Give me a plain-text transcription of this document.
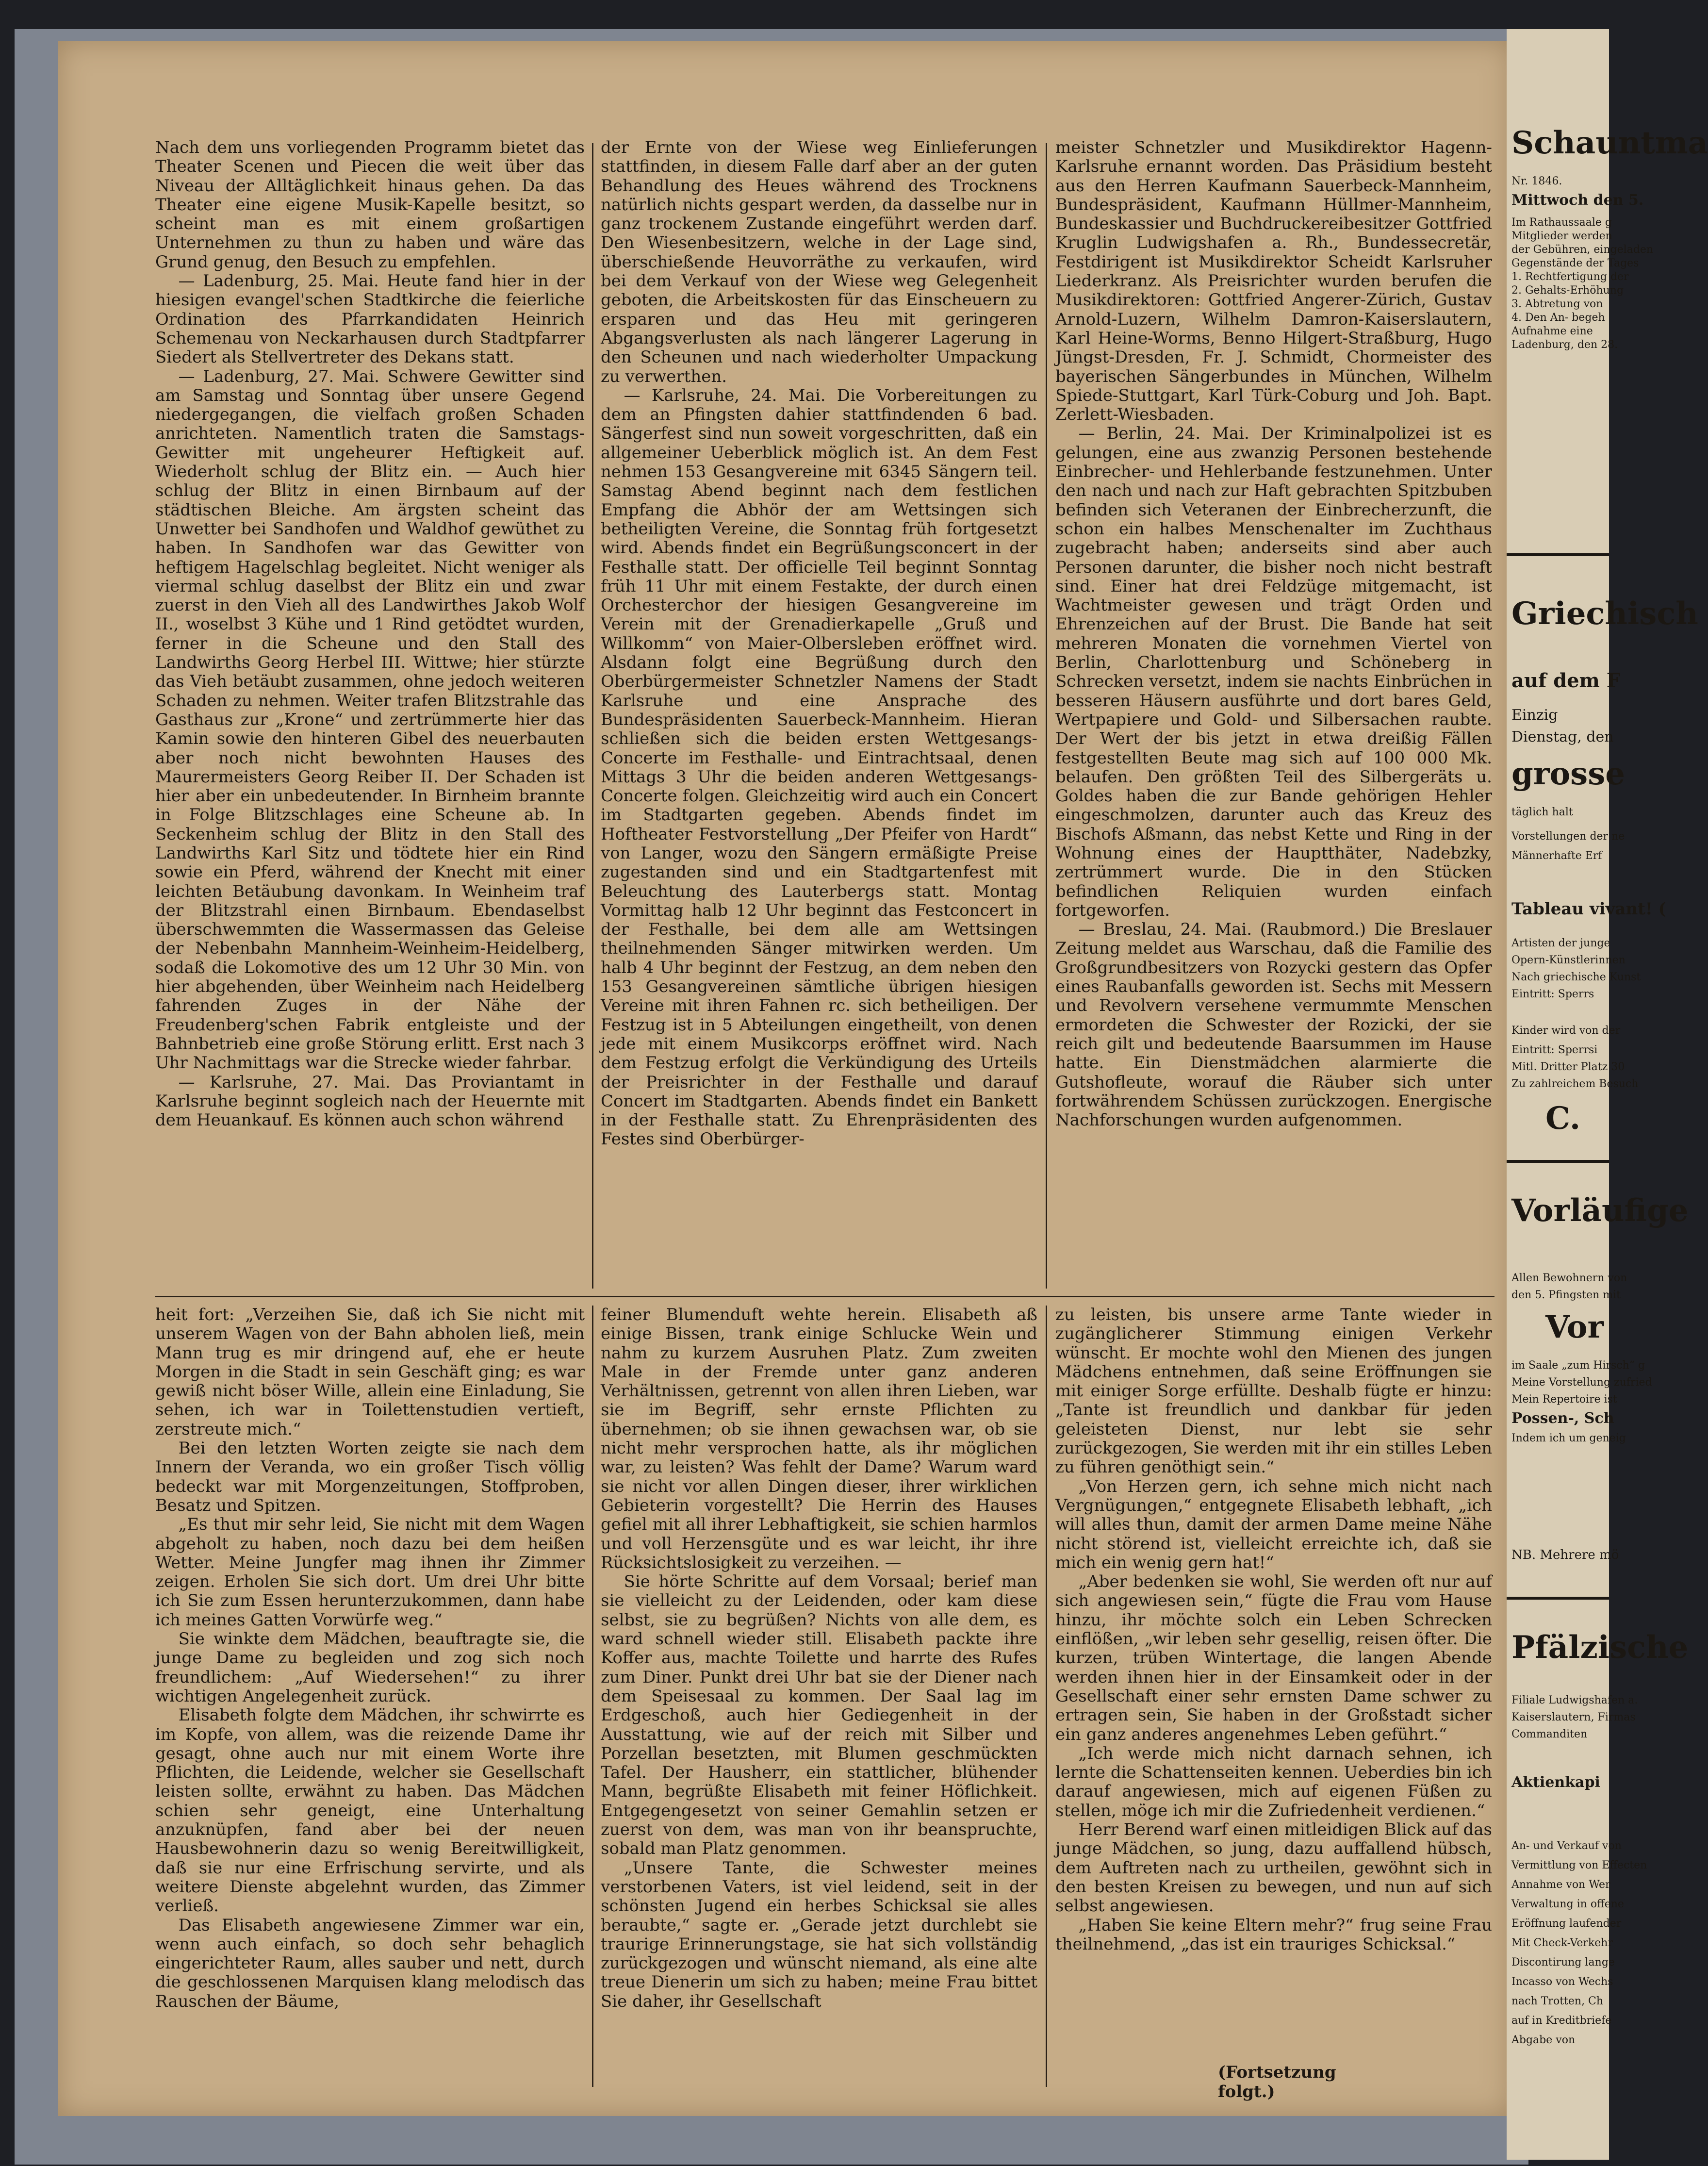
Nach dem uns vorliegenden Programm bietet das Theater Scenen und Piecen die weit über das Niveau der Alltäglichkeit hinaus gehen. Da das Theater eine eigene Musik-Kapelle besitzt, so scheint man es mit einem großartigen Unternehmen zu thun zu haben und wäre das Grund genug, den Besuch zu empfehlen.

— Ladenburg, 25. Mai. Heute fand hier in der hiesigen evangel'schen Stadtkirche die feierliche Ordination des Pfarrkandidaten Heinrich Schemenau von Neckarhausen durch Stadtpfarrer Siedert als Stellvertreter des Dekans statt.

— Ladenburg, 27. Mai. Schwere Gewitter sind am Samstag und Sonntag über unsere Gegend niedergegangen, die vielfach großen Schaden anrichteten. Namentlich traten die Samstags-Gewitter mit ungeheurer Heftigkeit auf. Wiederholt schlug der Blitz ein. — Auch hier schlug der Blitz in einen Birnbaum auf der städtischen Bleiche. Am ärgsten scheint das Unwetter bei Sandhofen und Waldhof gewüthet zu haben. In Sandhofen war das Gewitter von heftigem Hagelschlag begleitet. Nicht weniger als viermal schlug daselbst der Blitz ein und zwar zuerst in den Vieh all des Landwirthes Jakob Wolf II., woselbst 3 Kühe und 1 Rind getödtet wurden, ferner in die Scheune und den Stall des Landwirths Georg Herbel III. Wittwe; hier stürzte das Vieh betäubt zusammen, ohne jedoch weiteren Schaden zu nehmen. Weiter trafen Blitzstrahle das Gasthaus zur „Krone“ und zertrümmerte hier das Kamin sowie den hinteren Gibel des neuerbauten aber noch nicht bewohnten Hauses des Maurermeisters Georg Reiber II. Der Schaden ist hier aber ein unbedeutender. In Birnheim brannte in Folge Blitzschlages eine Scheune ab. In Seckenheim schlug der Blitz in den Stall des Landwirths Karl Sitz und tödtete hier ein Rind sowie ein Pferd, während der Knecht mit einer leichten Betäubung davonkam. In Weinheim traf der Blitzstrahl einen Birnbaum. Ebendaselbst überschwemmten die Wassermassen das Geleise der Nebenbahn Mannheim-Weinheim-Heidelberg, sodaß die Lokomotive des um 12 Uhr 30 Min. von hier abgehenden, über Weinheim nach Heidelberg fahrenden Zuges in der Nähe der Freudenberg'schen Fabrik entgleiste und der Bahnbetrieb eine große Störung erlitt. Erst nach 3 Uhr Nachmittags war die Strecke wieder fahrbar.

— Karlsruhe, 27. Mai. Das Proviantamt in Karlsruhe beginnt sogleich nach der Heuernte mit dem Heuankauf. Es können auch schon während

der Ernte von der Wiese weg Einlieferungen stattfinden, in diesem Falle darf aber an der guten Behandlung des Heues während des Trocknens natürlich nichts gespart werden, da dasselbe nur in ganz trockenem Zustande eingeführt werden darf. Den Wiesenbesitzern, welche in der Lage sind, überschießende Heuvorräthe zu verkaufen, wird bei dem Verkauf von der Wiese weg Gelegenheit geboten, die Arbeitskosten für das Einscheuern zu ersparen und das Heu mit geringeren Abgangsverlusten als nach längerer Lagerung in den Scheunen und nach wiederholter Umpackung zu verwerthen.

— Karlsruhe, 24. Mai. Die Vorbereitungen zu dem an Pfingsten dahier stattfindenden 6 bad. Sängerfest sind nun soweit vorgeschritten, daß ein allgemeiner Ueberblick möglich ist. An dem Fest nehmen 153 Gesangvereine mit 6345 Sängern teil. Samstag Abend beginnt nach dem festlichen Empfang die Abhör der am Wettsingen sich betheiligten Vereine, die Sonntag früh fortgesetzt wird. Abends findet ein Begrüßungsconcert in der Festhalle statt. Der officielle Teil beginnt Sonntag früh 11 Uhr mit einem Festakte, der durch einen Orchesterchor der hiesigen Gesangvereine im Verein mit der Grenadierkapelle „Gruß und Willkomm“ von Maier-Olbersleben eröffnet wird. Alsdann folgt eine Begrüßung durch den Oberbürgermeister Schnetzler Namens der Stadt Karlsruhe und eine Ansprache des Bundespräsidenten Sauerbeck-Mannheim. Hieran schließen sich die beiden ersten Wettgesangs-Concerte im Festhalle- und Eintrachtsaal, denen Mittags 3 Uhr die beiden anderen Wettgesangs-Concerte folgen. Gleichzeitig wird auch ein Concert im Stadtgarten gegeben. Abends findet im Hoftheater Festvorstellung „Der Pfeifer von Hardt“ von Langer, wozu den Sängern ermäßigte Preise zugestanden sind und ein Stadtgartenfest mit Beleuchtung des Lauterbergs statt. Montag Vormittag halb 12 Uhr beginnt das Festconcert in der Festhalle, bei dem alle am Wettsingen theilnehmenden Sänger mitwirken werden. Um halb 4 Uhr beginnt der Festzug, an dem neben den 153 Gesangvereinen sämtliche übrigen hiesigen Vereine mit ihren Fahnen rc. sich betheiligen. Der Festzug ist in 5 Abteilungen eingetheilt, von denen jede mit einem Musikcorps eröffnet wird. Nach dem Festzug erfolgt die Verkündigung des Urteils der Preisrichter in der Festhalle und darauf Concert im Stadtgarten. Abends findet ein Bankett in der Festhalle statt. Zu Ehrenpräsidenten des Festes sind Oberbürger-

meister Schnetzler und Musikdirektor Hagenn-Karlsruhe ernannt worden. Das Präsidium besteht aus den Herren Kaufmann Sauerbeck-Mannheim, Bundespräsident, Kaufmann Hüllmer-Mannheim, Bundeskassier und Buchdruckereibesitzer Gottfried Kruglin Ludwigshafen a. Rh., Bundessecretär, Festdirigent ist Musikdirektor Scheidt Karlsruher Liederkranz. Als Preisrichter wurden berufen die Musikdirektoren: Gottfried Angerer-Zürich, Gustav Arnold-Luzern, Wilhelm Damron-Kaiserslautern, Karl Heine-Worms, Benno Hilgert-Straßburg, Hugo Jüngst-Dresden, Fr. J. Schmidt, Chormeister des bayerischen Sängerbundes in München, Wilhelm Spiede-Stuttgart, Karl Türk-Coburg und Joh. Bapt. Zerlett-Wiesbaden.

— Berlin, 24. Mai. Der Kriminalpolizei ist es gelungen, eine aus zwanzig Personen bestehende Einbrecher- und Hehlerbande festzunehmen. Unter den nach und nach zur Haft gebrachten Spitzbuben befinden sich Veteranen der Einbrecherzunft, die schon ein halbes Menschenalter im Zuchthaus zugebracht haben; anderseits sind aber auch Personen darunter, die bisher noch nicht bestraft sind. Einer hat drei Feldzüge mitgemacht, ist Wachtmeister gewesen und trägt Orden und Ehrenzeichen auf der Brust. Die Bande hat seit mehreren Monaten die vornehmen Viertel von Berlin, Charlottenburg und Schöneberg in Schrecken versetzt, indem sie nachts Einbrüchen in besseren Häusern ausführte und dort bares Geld, Wertpapiere und Gold- und Silbersachen raubte. Der Wert der bis jetzt in etwa dreißig Fällen festgestellten Beute mag sich auf 100 000 Mk. belaufen. Den größten Teil des Silbergeräts u. Goldes haben die zur Bande gehörigen Hehler eingeschmolzen, darunter auch das Kreuz des Bischofs Aßmann, das nebst Kette und Ring in der Wohnung eines der Hauptthäter, Nadebzky, zertrümmert wurde. Die in den Stücken befindlichen Reliquien wurden einfach fortgeworfen.

— Breslau, 24. Mai. (Raubmord.) Die Breslauer Zeitung meldet aus Warschau, daß die Familie des Großgrundbesitzers von Rozycki gestern das Opfer eines Raubanfalls geworden ist. Sechs mit Messern und Revolvern versehene vermummte Menschen ermordeten die Schwester der Rozicki, der sie reich gilt und bedeutende Baarsummen im Hause hatte. Ein Dienstmädchen alarmierte die Gutshofleute, worauf die Räuber sich unter fortwährendem Schüssen zurückzogen. Energische Nachforschungen wurden aufgenommen.

heit fort: „Verzeihen Sie, daß ich Sie nicht mit unserem Wagen von der Bahn abholen ließ, mein Mann trug es mir dringend auf, ehe er heute Morgen in die Stadt in sein Geschäft ging; es war gewiß nicht böser Wille, allein eine Einladung, Sie sehen, ich war in Toilettenstudien vertieft, zerstreute mich.“

Bei den letzten Worten zeigte sie nach dem Innern der Veranda, wo ein großer Tisch völlig bedeckt war mit Morgenzeitungen, Stoffproben, Besatz und Spitzen.

„Es thut mir sehr leid, Sie nicht mit dem Wagen abgeholt zu haben, noch dazu bei dem heißen Wetter. Meine Jungfer mag ihnen ihr Zimmer zeigen. Erholen Sie sich dort. Um drei Uhr bitte ich Sie zum Essen herunterzukommen, dann habe ich meines Gatten Vorwürfe weg.“

Sie winkte dem Mädchen, beauftragte sie, die junge Dame zu begleiden und zog sich noch freundlichem: „Auf Wiedersehen!“ zu ihrer wichtigen Angelegenheit zurück.

Elisabeth folgte dem Mädchen, ihr schwirrte es im Kopfe, von allem, was die reizende Dame ihr gesagt, ohne auch nur mit einem Worte ihre Pflichten, die Leidende, welcher sie Gesellschaft leisten sollte, erwähnt zu haben. Das Mädchen schien sehr geneigt, eine Unterhaltung anzuknüpfen, fand aber bei der neuen Hausbewohnerin dazu so wenig Bereitwilligkeit, daß sie nur eine Erfrischung servirte, und als weitere Dienste abgelehnt wurden, das Zimmer verließ.

Das Elisabeth angewiesene Zimmer war ein, wenn auch einfach, so doch sehr behaglich eingerichteter Raum, alles sauber und nett, durch die geschlossenen Marquisen klang melodisch das Rauschen der Bäume,

feiner Blumenduft wehte herein. Elisabeth aß einige Bissen, trank einige Schlucke Wein und nahm zu kurzem Ausruhen Platz. Zum zweiten Male in der Fremde unter ganz anderen Verhältnissen, getrennt von allen ihren Lieben, war sie im Begriff, sehr ernste Pflichten zu übernehmen; ob sie ihnen gewachsen war, ob sie nicht mehr versprochen hatte, als ihr möglichen war, zu leisten? Was fehlt der Dame? Warum ward sie nicht vor allen Dingen dieser, ihrer wirklichen Gebieterin vorgestellt? Die Herrin des Hauses gefiel mit all ihrer Lebhaftigkeit, sie schien harmlos und voll Herzensgüte und es war leicht, ihr ihre Rücksichtslosigkeit zu verzeihen. —

Sie hörte Schritte auf dem Vorsaal; berief man sie vielleicht zu der Leidenden, oder kam diese selbst, sie zu begrüßen? Nichts von alle dem, es ward schnell wieder still. Elisabeth packte ihre Koffer aus, machte Toilette und harrte des Rufes zum Diner. Punkt drei Uhr bat sie der Diener nach dem Speisesaal zu kommen. Der Saal lag im Erdgeschoß, auch hier Gediegenheit in der Ausstattung, wie auf der reich mit Silber und Porzellan besetzten, mit Blumen geschmückten Tafel. Der Hausherr, ein stattlicher, blühender Mann, begrüßte Elisabeth mit feiner Höflichkeit. Entgegengesetzt von seiner Gemahlin setzen er zuerst von dem, was man von ihr beanspruchte, sobald man Platz genommen.

„Unsere Tante, die Schwester meines verstorbenen Vaters, ist viel leidend, seit in der schönsten Jugend ein herbes Schicksal sie alles beraubte,“ sagte er. „Gerade jetzt durchlebt sie traurige Erinnerungstage, sie hat sich vollständig zurückgezogen und wünscht niemand, als eine alte treue Dienerin um sich zu haben; meine Frau bittet Sie daher, ihr Gesellschaft

zu leisten, bis unsere arme Tante wieder in zugänglicherer Stimmung einigen Verkehr wünscht. Er mochte wohl den Mienen des jungen Mädchens entnehmen, daß seine Eröffnungen sie mit einiger Sorge erfüllte. Deshalb fügte er hinzu: „Tante ist freundlich und dankbar für jeden geleisteten Dienst, nur lebt sie sehr zurückgezogen, Sie werden mit ihr ein stilles Leben zu führen genöthigt sein.“

„Von Herzen gern, ich sehne mich nicht nach Vergnügungen,“ entgegnete Elisabeth lebhaft, „ich will alles thun, damit der armen Dame meine Nähe nicht störend ist, vielleicht erreichte ich, daß sie mich ein wenig gern hat!“

„Aber bedenken sie wohl, Sie werden oft nur auf sich angewiesen sein,“ fügte die Frau vom Hause hinzu, ihr möchte solch ein Leben Schrecken einflößen, „wir leben sehr gesellig, reisen öfter. Die kurzen, trüben Wintertage, die langen Abende werden ihnen hier in der Einsamkeit oder in der Gesellschaft einer sehr ernsten Dame schwer zu ertragen sein, Sie haben in der Großstadt sicher ein ganz anderes angenehmes Leben geführt.“

„Ich werde mich nicht darnach sehnen, ich lernte die Schattenseiten kennen. Ueberdies bin ich darauf angewiesen, mich auf eigenen Füßen zu stellen, möge ich mir die Zufriedenheit verdienen.“

Herr Berend warf einen mitleidigen Blick auf das junge Mädchen, so jung, dazu auffallend hübsch, dem Auftreten nach zu urtheilen, gewöhnt sich in den besten Kreisen zu bewegen, und nun auf sich selbst angewiesen.

„Haben Sie keine Eltern mehr?“ frug seine Frau theilnehmend, „das ist ein trauriges Schicksal.“

(Fortsetzung folgt.)
Schauntma
Nr. 1846.
Mittwoch den 5.
Im Rathaussaale g
Mitglieder werden
der Gebühren, eingeladen
Gegenstände der Tages
1. Rechtfertigung der
2. Gehalts-Erhöhung
3. Abtretung von
4. Den An- begeh
Aufnahme eine
Ladenburg, den 28.
Griechisch
auf dem F
Einzig
Dienstag, den
grosse
täglich halt
Vorstellungen der ne
Männerhafte Erf
Tableau vivant! (
Artisten der junge
Opern-Künstlerinnen
Nach griechische Kunst
Eintritt: Sperrs
Kinder wird von der
Eintritt: Sperrsi
Mitl. Dritter Platz 30
Zu zahlreichem Besuch
C.
Vorläufige
Allen Bewohnern von
den 5. Pfingsten mit
Vor
im Saale „zum Hirsch“ g
Meine Vorstellung zufried
Mein Repertoire ist
Possen-, Sch
Indem ich um geneig
NB. Mehrere mö
Pfälzische
Filiale Ludwigshafen a.
Kaiserslautern, Firmas
Commanditen
Aktienkapi
An- und Verkauf von
Vermittlung von Effecten
Annahme von Wer
Verwaltung in offene
Eröffnung laufender
Mit Check-Verkehr
Discontirung lange
Incasso von Wechs
nach Trotten, Ch
auf in Kreditbriefe
Abgabe von
